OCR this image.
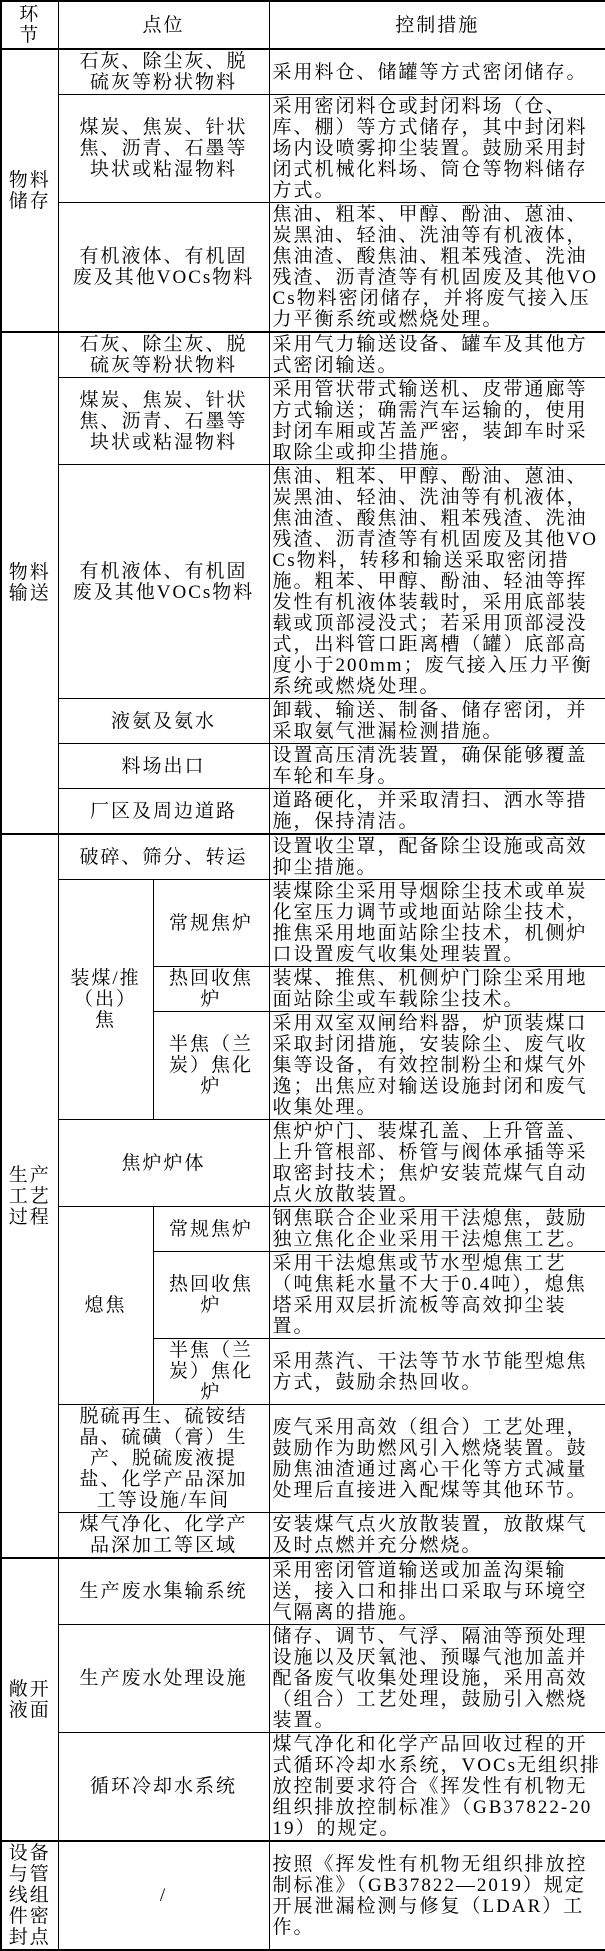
环节	点位		控制措施
物料储存	石灰、除尘灰、脱硫灰等粉状物料		采用料仓、储罐等方式密闭储存。
	煤炭、焦炭、针状焦、沥青、石墨等块状或粘湿物料		采用密闭料仓或封闭料场（仓、库、棚）等方式储存，其中封闭料场内设喷雾抑尘装置。鼓励采用封闭式机械化料场、筒仓等物料储存方式。
	有机液体、有机固废及其他VOCs物料		焦油、粗苯、甲醇、酚油、蒽油、炭黑油、轻油、洗油等有机液体，焦油渣、酸焦油、粗苯残渣、洗油残渣、沥青渣等有机固废及其他VOCs物料密闭储存，并将废气接入压力平衡系统或燃烧处理。
物料输送	石灰、除尘灰、脱硫灰等粉状物料		采用气力输送设备、罐车及其他方式密闭输送。
	煤炭、焦炭、针状焦、沥青、石墨等块状或粘湿物料		采用管状带式输送机、皮带通廊等方式输送；确需汽车运输的，使用封闭车厢或苫盖严密，装卸车时采取除尘或抑尘措施。
	有机液体、有机固废及其他VOCs物料		焦油、粗苯、甲醇、酚油、蒽油、炭黑油、轻油、洗油等有机液体，焦油渣、酸焦油、粗苯残渣、洗油残渣、沥青渣等有机固废及其他VOCs物料，转移和输送采取密闭措施。粗苯、甲醇、酚油、轻油等挥发性有机液体装载时，采用底部装载或顶部浸没式；若采用顶部浸没式，出料管口距离槽（罐）底部高度小于200mm；废气接入压力平衡系统或燃烧处理。
	液氨及氨水		卸载、输送、制备、储存密闭，并采取氨气泄漏检测措施。
	料场出口		设置高压清洗装置，确保能够覆盖车轮和车身。
	厂区及周边道路		道路硬化，并采取清扫、洒水等措施，保持清洁。
生产工艺过程	破碎、筛分、转运		设置收尘罩，配备除尘设施或高效抑尘措施。
	装煤/推（出）焦	常规焦炉	装煤除尘采用导烟除尘技术或单炭化室压力调节或地面站除尘技术，推焦采用地面站除尘技术，机侧炉口设置废气收集处理装置。
		热回收焦炉	装煤、推焦、机侧炉门除尘采用地面站除尘或车载除尘技术。
		半焦（兰炭）焦化炉	采用双室双闸给料器，炉顶装煤口采取封闭措施，安装除尘、废气收集等设备，有效控制粉尘和煤气外逸；出焦应对输送设施封闭和废气收集处理。
	焦炉炉体		焦炉炉门、装煤孔盖、上升管盖、上升管根部、桥管与阀体承插等采取密封技术；焦炉安装荒煤气自动点火放散装置。
	熄焦	常规焦炉	钢焦联合企业采用干法熄焦，鼓励独立焦化企业采用干法熄焦工艺。
		热回收焦炉	采用干法熄焦或节水型熄焦工艺（吨焦耗水量不大于0.4吨），熄焦塔采用双层折流板等高效抑尘装置。
		半焦（兰炭）焦化炉	采用蒸汽、干法等节水节能型熄焦方式，鼓励余热回收。
	脱硫再生、硫铵结晶、硫磺（膏）生产、脱硫废液提盐、化学产品深加工等设施/车间		废气采用高效（组合）工艺处理，鼓励作为助燃风引入燃烧装置。鼓励焦油渣通过离心干化等方式减量处理后直接进入配煤等其他环节。
	煤气净化、化学产品深加工等区域		安装煤气点火放散装置，放散煤气及时点燃并充分燃烧。
敞开液面	生产废水集输系统		采用密闭管道输送或加盖沟渠输送，接入口和排出口采取与环境空气隔离的措施。
	生产废水处理设施		储存、调节、气浮、隔油等预处理设施以及厌氧池、预曝气池加盖并配备废气收集处理设施，采用高效（组合）工艺处理，鼓励引入燃烧装置。
	循环冷却水系统		煤气净化和化学产品回收过程的开式循环冷却水系统，VOCs无组织排放控制要求符合《挥发性有机物无组织排放控制标准》（GB37822-2019）的规定。
设备与管线组件密封点	/		按照《挥发性有机物无组织排放控制标准》（GB37822—2019）规定开展泄漏检测与修复（LDAR）工作。
